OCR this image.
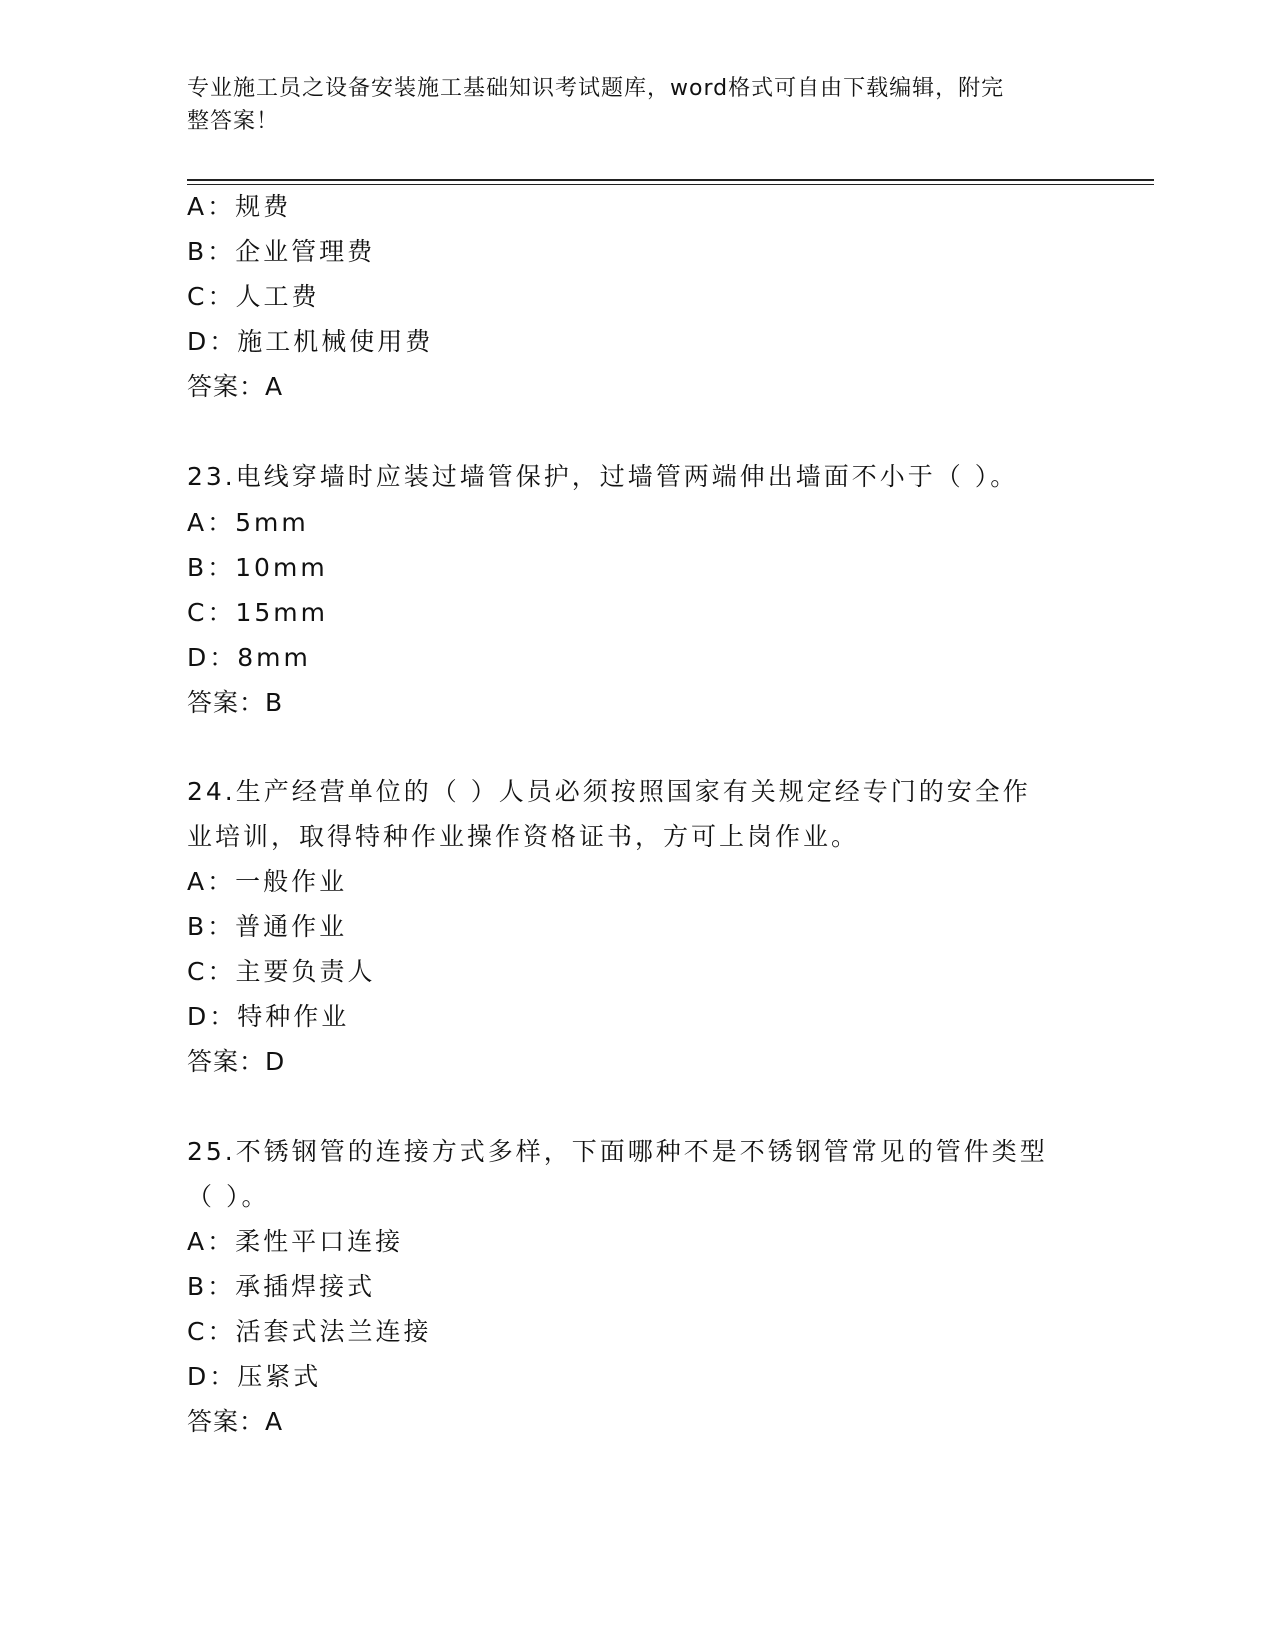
专业施工员之设备安装施工基础知识考试题库，word格式可自由下载编辑，附完
整答案！
A：规费
B：企业管理费
C：人工费
D：施工机械使用费
答案：A
23.电线穿墙时应装过墙管保护，过墙管两端伸出墙面不小于（ ）。
A：5mm
B：10mm
C：15mm
D：8mm
答案：B
24.生产经营单位的（ ）人员必须按照国家有关规定经专门的安全作
业培训，取得特种作业操作资格证书，方可上岗作业。
A：一般作业
B：普通作业
C：主要负责人
D：特种作业
答案：D
25.不锈钢管的连接方式多样，下面哪种不是不锈钢管常见的管件类型
（ ）。
A：柔性平口连接
B：承插焊接式
C：活套式法兰连接
D：压紧式
答案：A
